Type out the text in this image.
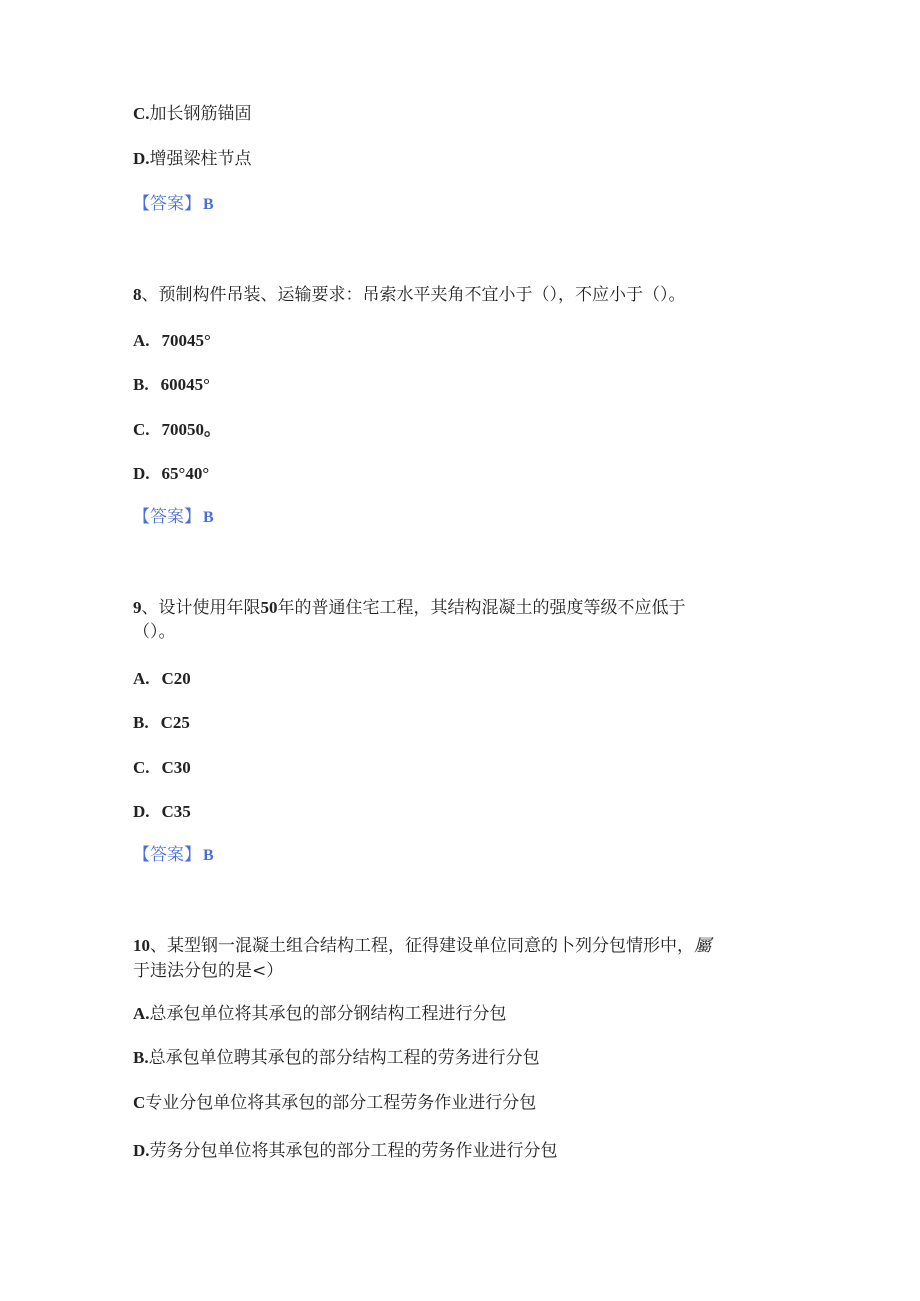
C.加长钢筋锚固
D.增强梁柱节点
【答案】 B
8、预制构件吊装、运输要求：吊索水平夹角不宜小于（），不应小于（）。
A. 70045°
B. 60045°
C. 70050。
D. 65°40°
【答案】 B
9、设计使用年限50年的普通住宅工程，其结构混凝土的强度等级不应低于
（）。
A. C20
B. C25
C. C30
D. C35
【答案】 B
10、某型钢一混凝土组合结构工程，征得建设单位同意的卜列分包情形中，屬
于违法分包的是<）
A.总承包单位将其承包的部分钢结构工程进行分包
B.总承包单位聘其承包的部分结构工程的劳务进行分包
C专业分包单位将其承包的部分工程劳务作业进行分包
D.劳务分包单位将其承包的部分工程的劳务作业进行分包
